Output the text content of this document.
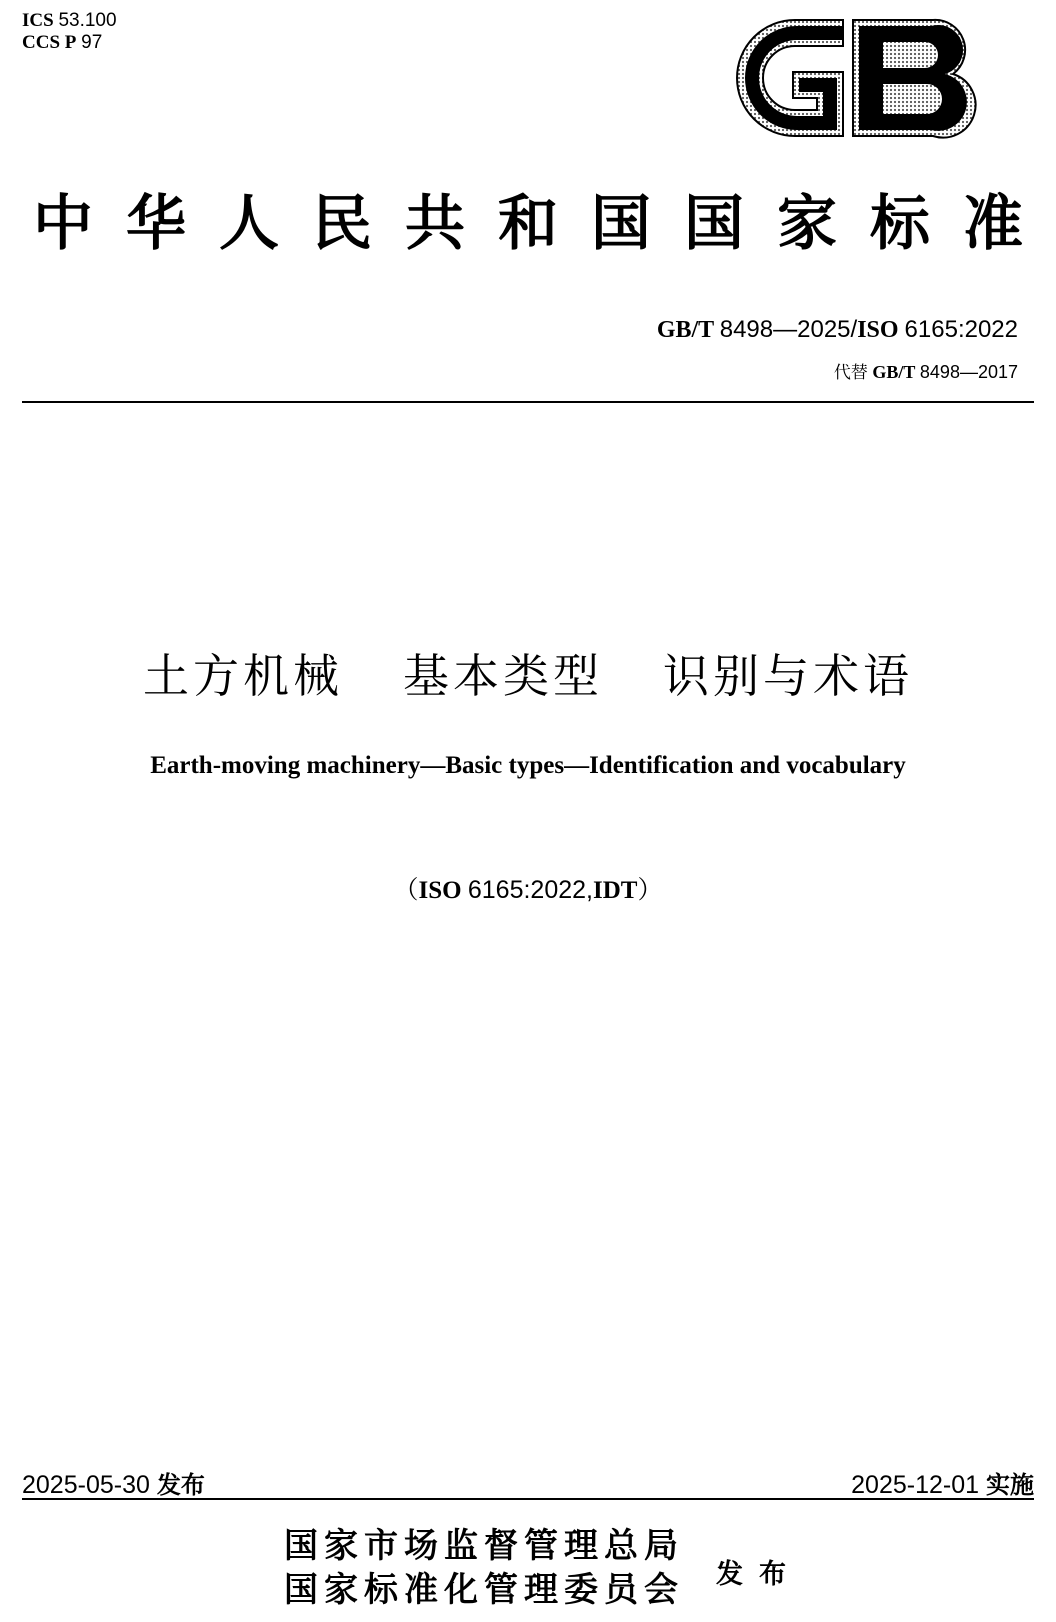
ICS 53.100
CCS P 97
中华人民共和国国家标准
GB/T 8498—2025/ISO 6165:2022
代替 GB/T 8498—2017
土方机械 基本类型 识别与术语
Earth-moving machinery—Basic types—Identification and vocabulary
（ISO 6165:2022,IDT）
2025-05-30 发布	2025-12-01 实施
国家市场监督管理总局
国家标准化管理委员会 发布
